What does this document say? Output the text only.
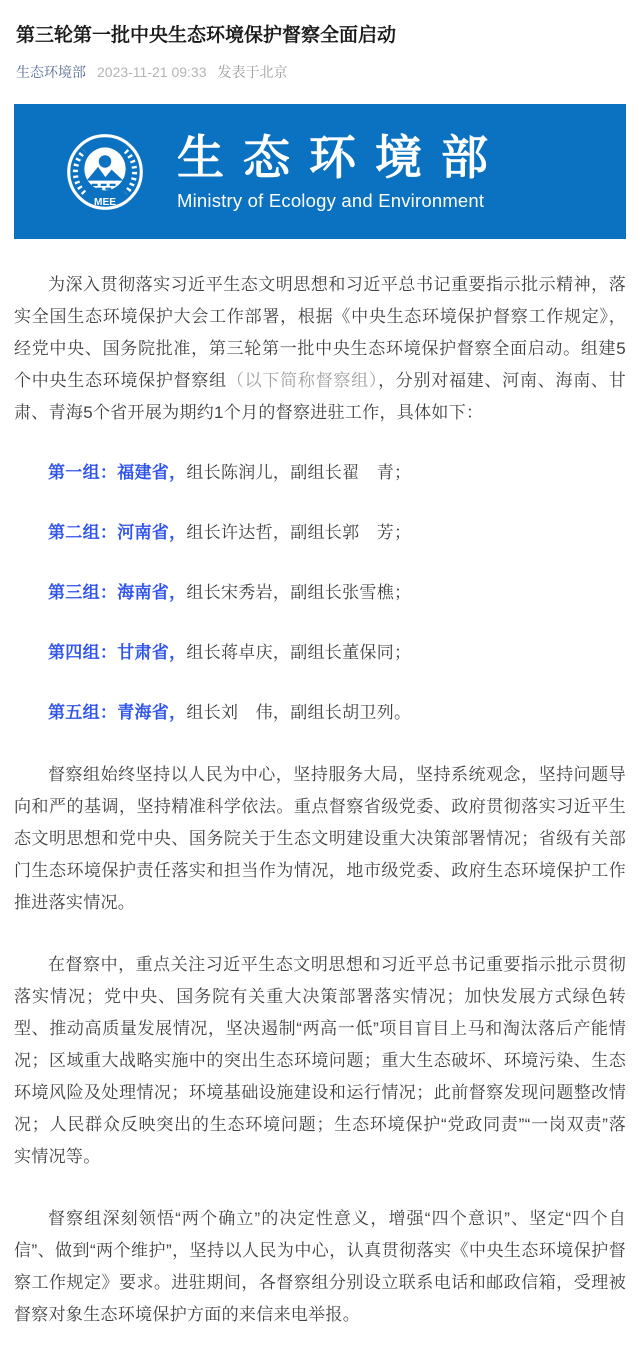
第三轮第一批中央生态环境保护督察全面启动
生态环境部 2023-11-21 09:33 发表于北京
MEE
生态环境部
Ministry of Ecology and Environment

为深入贯彻落实习近平生态文明思想和习近平总书记重要指示批示精神，落实全国生态环境保护大会工作部署，根据《中央生态环境保护督察工作规定》，经党中央、国务院批准，第三轮第一批中央生态环境保护督察全面启动。组建5个中央生态环境保护督察组（以下简称督察组），分别对福建、河南、海南、甘肃、青海5个省开展为期约1个月的督察进驻工作，具体如下：

第一组：福建省，组长陈润儿，副组长翟　青；

第二组：河南省，组长许达哲，副组长郭　芳；

第三组：海南省，组长宋秀岩，副组长张雪樵；

第四组：甘肃省，组长蒋卓庆，副组长董保同；

第五组：青海省，组长刘　伟，副组长胡卫列。

督察组始终坚持以人民为中心，坚持服务大局，坚持系统观念，坚持问题导向和严的基调，坚持精准科学依法。重点督察省级党委、政府贯彻落实习近平生态文明思想和党中央、国务院关于生态文明建设重大决策部署情况；省级有关部门生态环境保护责任落实和担当作为情况，地市级党委、政府生态环境保护工作推进落实情况。

在督察中，重点关注习近平生态文明思想和习近平总书记重要指示批示贯彻落实情况；党中央、国务院有关重大决策部署落实情况；加快发展方式绿色转型、推动高质量发展情况，坚决遏制“两高一低”项目盲目上马和淘汰落后产能情况；区域重大战略实施中的突出生态环境问题；重大生态破坏、环境污染、生态环境风险及处理情况；环境基础设施建设和运行情况；此前督察发现问题整改情况；人民群众反映突出的生态环境问题；生态环境保护“党政同责”“一岗双责”落实情况等。

督察组深刻领悟“两个确立”的决定性意义，增强“四个意识”、坚定“四个自信”、做到“两个维护”，坚持以人民为中心，认真贯彻落实《中央生态环境保护督察工作规定》要求。进驻期间，各督察组分别设立联系电话和邮政信箱，受理被督察对象生态环境保护方面的来信来电举报。
